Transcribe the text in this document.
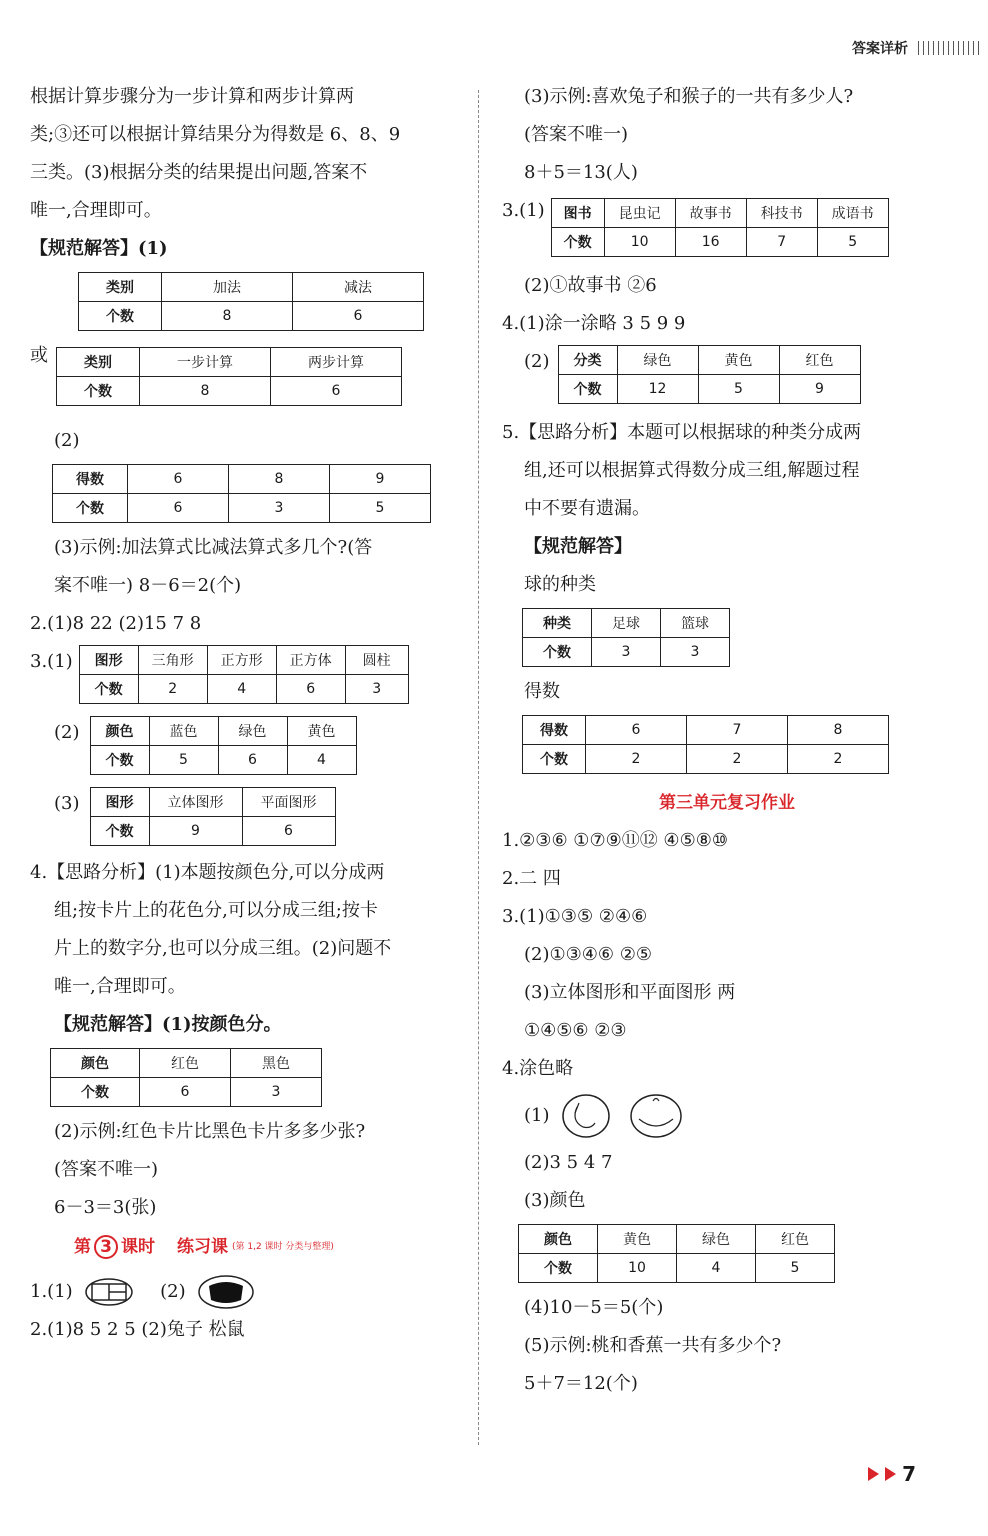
答案详析
根据计算步骤分为一步计算和两步计算两
类;③还可以根据计算结果分为得数是 6、8、9
三类。(3)根据分类的结果提出问题,答案不
唯一,合理即可。
【规范解答】(1)
类别	加法	减法
个数	8	6
或	类别	一步计算	两步计算
个数	8	6
(2)
得数	6	8	9
个数	6	3	5
(3)示例:加法算式比减法算式多几个?(答
案不唯一) 8－6＝2(个)
2.(1)8 22 (2)15 7 8
3.(1) 图形	三角形	正方形	正方体	圆柱
个数	2	4	6	3
(2) 颜色	蓝色	绿色	黄色
个数	5	6	4
(3) 图形	立体图形	平面图形
个数	9	6
4.【思路分析】(1)本题按颜色分,可以分成两
组;按卡片上的花色分,可以分成三组;按卡
片上的数字分,也可以分成三组。(2)问题不
唯一,合理即可。
【规范解答】(1)按颜色分。
颜色	红色	黑色
个数	6	3
(2)示例:红色卡片比黑色卡片多多少张?
(答案不唯一)
6－3＝3(张)
第 3 课时 练习课 (第 1,2 课时 分类与整理)
1.(1)	(2)
2.(1)8 5 2 5 (2)兔子 松鼠
(3)示例:喜欢兔子和猴子的一共有多少人?
(答案不唯一)
8＋5＝13(人)
3.(1) 图书	昆虫记	故事书	科技书	成语书
个数	10	16	7	5
(2)①故事书 ②6
4.(1)涂一涂略 3 5 9 9
(2) 分类	绿色	黄色	红色
个数	12	5	9
5.【思路分析】本题可以根据球的种类分成两
组,还可以根据算式得数分成三组,解题过程
中不要有遗漏。
【规范解答】
球的种类
种类	足球	篮球
个数	3	3
得数
得数	6	7	8
个数	2	2	2
第三单元复习作业
1.②③⑥ ①⑦⑨⑪⑫ ④⑤⑧⑩
2.二 四
3.(1)①③⑤ ②④⑥
(2)①③④⑥ ②⑤
(3)立体图形和平面图形 两
①④⑤⑥ ②③
4.涂色略
(1)
(2)3 5 4 7
(3)颜色
颜色	黄色	绿色	红色
个数	10	4	5
(4)10－5＝5(个)
(5)示例:桃和香蕉一共有多少个?
5＋7＝12(个)
7
